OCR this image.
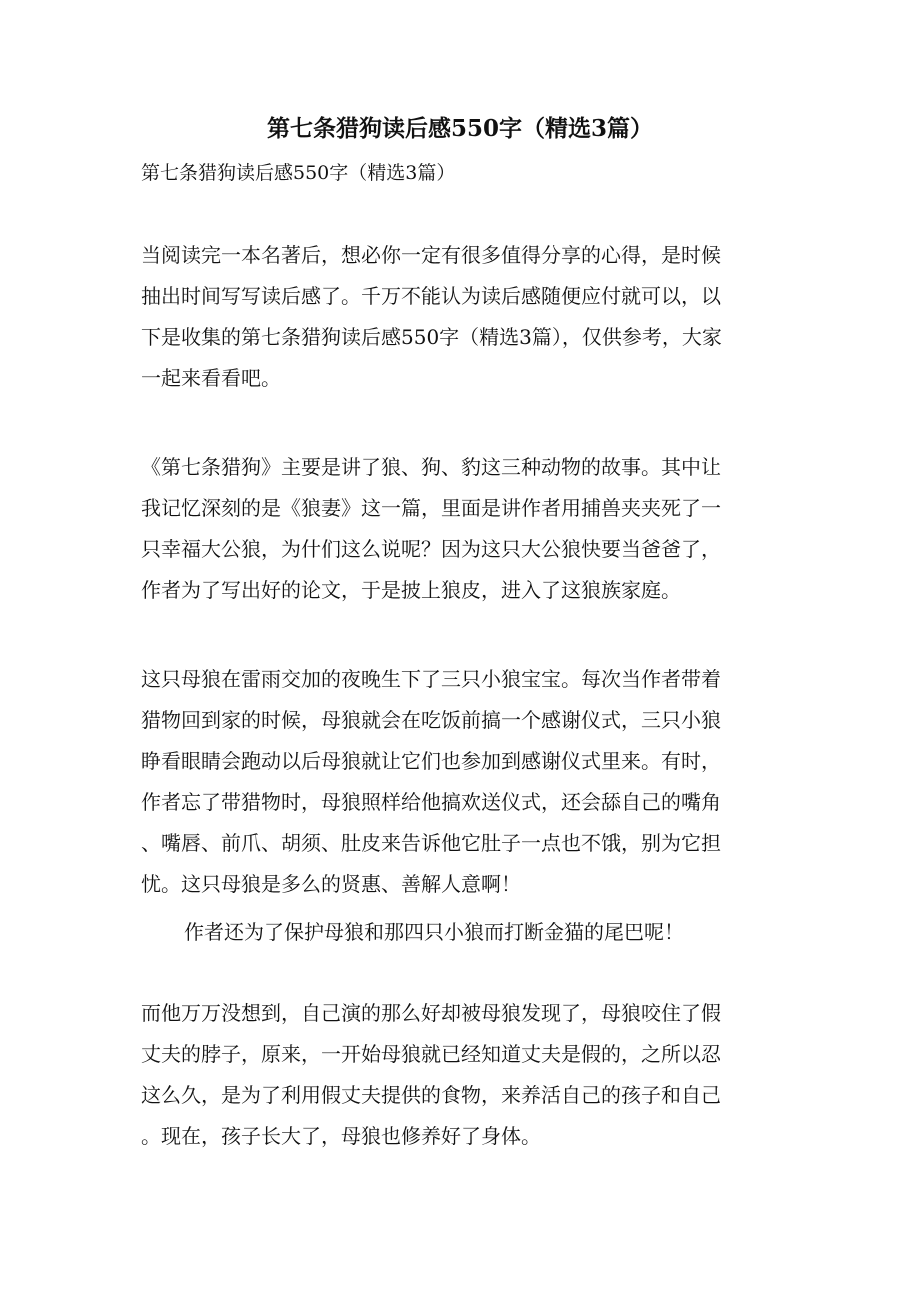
第七条猎狗读后感550字（精选3篇）
第七条猎狗读后感550字（精选3篇）
当阅读完一本名著后，想必你一定有很多值得分享的心得，是时候
抽出时间写写读后感了。千万不能认为读后感随便应付就可以，以
下是收集的第七条猎狗读后感550字（精选3篇），仅供参考，大家
一起来看看吧。
《第七条猎狗》主要是讲了狼、狗、豹这三种动物的故事。其中让
我记忆深刻的是《狼妻》这一篇，里面是讲作者用捕兽夹夹死了一
只幸福大公狼，为什们这么说呢？因为这只大公狼快要当爸爸了，
作者为了写出好的论文，于是披上狼皮，进入了这狼族家庭。
这只母狼在雷雨交加的夜晚生下了三只小狼宝宝。每次当作者带着
猎物回到家的时候，母狼就会在吃饭前搞一个感谢仪式，三只小狼
睁看眼睛会跑动以后母狼就让它们也参加到感谢仪式里来。有时，
作者忘了带猎物时，母狼照样给他搞欢送仪式，还会舔自己的嘴角
、嘴唇、前爪、胡须、肚皮来告诉他它肚子一点也不饿，别为它担
忧。这只母狼是多么的贤惠、善解人意啊！
作者还为了保护母狼和那四只小狼而打断金猫的尾巴呢！
而他万万没想到，自己演的那么好却被母狼发现了，母狼咬住了假
丈夫的脖子，原来，一开始母狼就已经知道丈夫是假的，之所以忍
这么久，是为了利用假丈夫提供的食物，来养活自己的孩子和自己
。现在，孩子长大了，母狼也修养好了身体。
